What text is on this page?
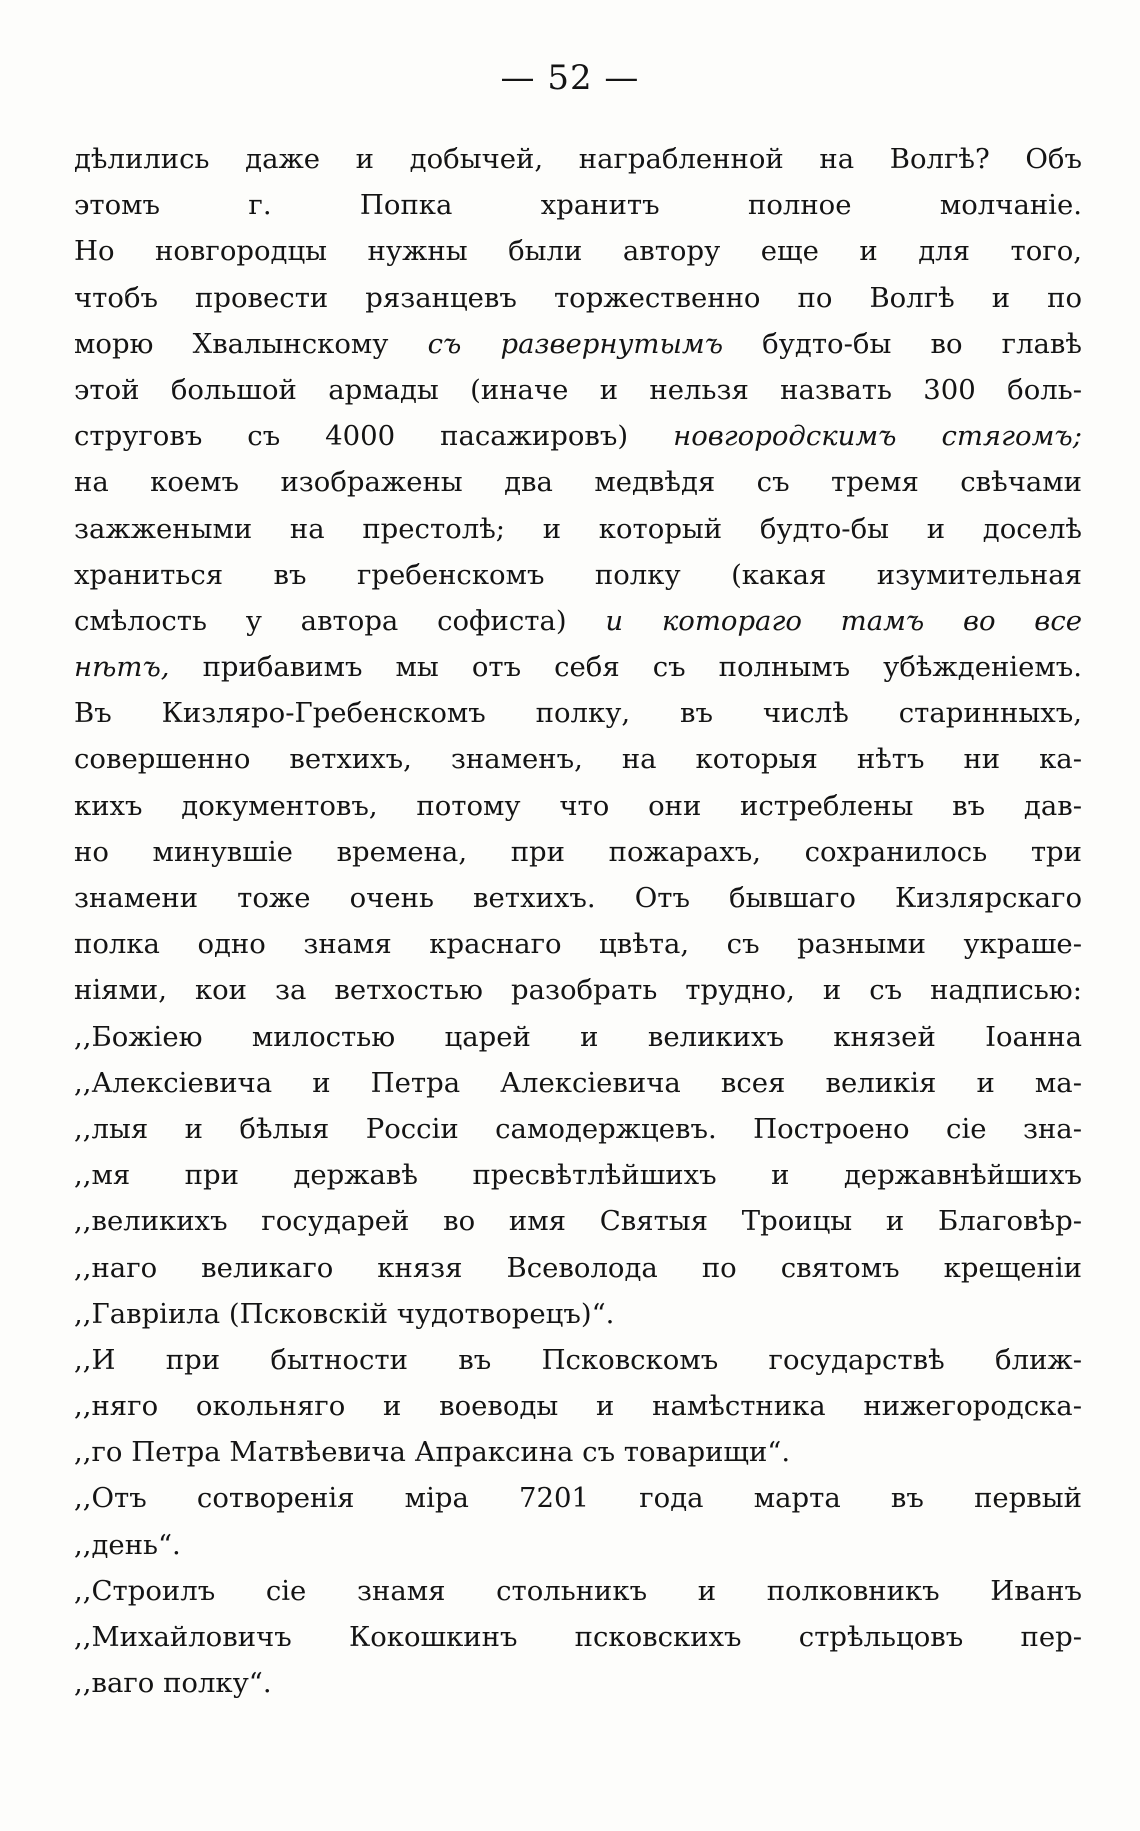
— 52 —
дѣлились даже и добычей, награбленной на Волгѣ? Объ
этомъ г. Попка хранитъ полное молчаніе.
Но новгородцы нужны были автору еще и для того,
чтобъ провести рязанцевъ торжественно по Волгѣ и по
морю Хвалынскому съ развернутымъ будто-бы во главѣ
этой большой армады (иначе и нельзя назвать 300 боль-
струговъ съ 4000 пасажировъ) новгородскимъ стягомъ;
на коемъ изображены два медвѣдя съ тремя свѣчами
зажжеными на престолѣ; и который будто-бы и доселѣ
храниться въ гребенскомъ полку (какая изумительная
смѣлость у автора софиста) и котораго тамъ во все
нѣтъ, прибавимъ мы отъ себя съ полнымъ убѣжденіемъ.
Въ Кизляро-Гребенскомъ полку, въ числѣ старинныхъ,
совершенно ветхихъ, знаменъ, на которыя нѣтъ ни ка-
кихъ документовъ, потому что они истреблены въ дав-
но минувшіе времена, при пожарахъ, сохранилось три
знамени тоже очень ветхихъ. Отъ бывшаго Кизлярскаго
полка одно знамя краснаго цвѣта, съ разными украше-
ніями, кои за ветхостью разобрать трудно, и съ надписью:
,,Божіею милостью царей и великихъ князей Іоанна
,,Алексіевича и Петра Алексіевича всея великія и ма-
,,лыя и бѣлыя Россіи самодержцевъ. Построено сіе зна-
,,мя при державѣ пресвѣтлѣйшихъ и державнѣйшихъ
,,великихъ государей во имя Святыя Троицы и Благовѣр-
,,наго великаго князя Всеволода по святомъ крещеніи
,,Гавріила (Псковскій чудотворецъ)“.
,,И при бытности въ Псковскомъ государствѣ ближ-
,,няго окольняго и воеводы и намѣстника нижегородска-
,,го Петра Матвѣевича Апраксина съ товарищи“.
,,Отъ сотворенія міра 7201 года марта въ первый
,,день“.
,,Строилъ сіе знамя стольникъ и полковникъ Иванъ
,,Михайловичъ Кокошкинъ псковскихъ стрѣльцовъ пер-
,,ваго полку“.
